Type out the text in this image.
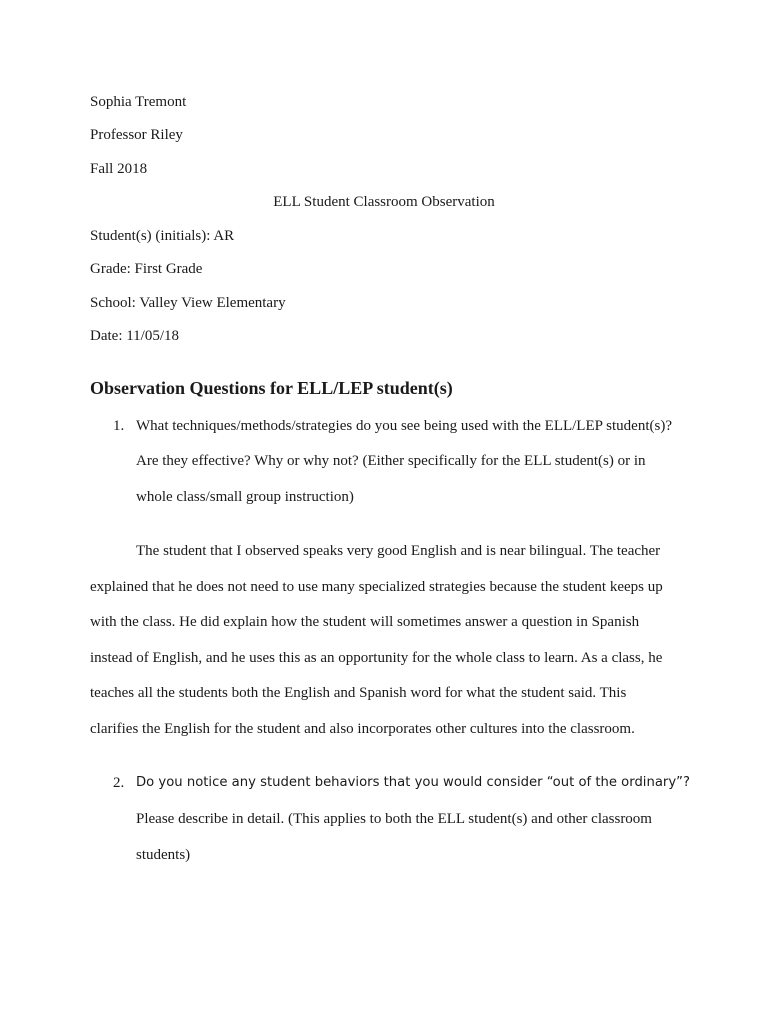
Sophia Tremont
Professor Riley
Fall 2018
ELL Student Classroom Observation
Student(s) (initials): AR
Grade: First Grade
School: Valley View Elementary
Date: 11/05/18
Observation Questions for ELL/LEP student(s)
1. What techniques/methods/strategies do you see being used with the ELL/LEP student(s)?
Are they effective? Why or why not? (Either specifically for the ELL student(s) or in
whole class/small group instruction)
The student that I observed speaks very good English and is near bilingual. The teacher
explained that he does not need to use many specialized strategies because the student keeps up
with the class. He did explain how the student will sometimes answer a question in Spanish
instead of English, and he uses this as an opportunity for the whole class to learn. As a class, he
teaches all the students both the English and Spanish word for what the student said. This
clarifies the English for the student and also incorporates other cultures into the classroom.
2. Do you notice any student behaviors that you would consider “out of the ordinary”?
Please describe in detail. (This applies to both the ELL student(s) and other classroom
students)
